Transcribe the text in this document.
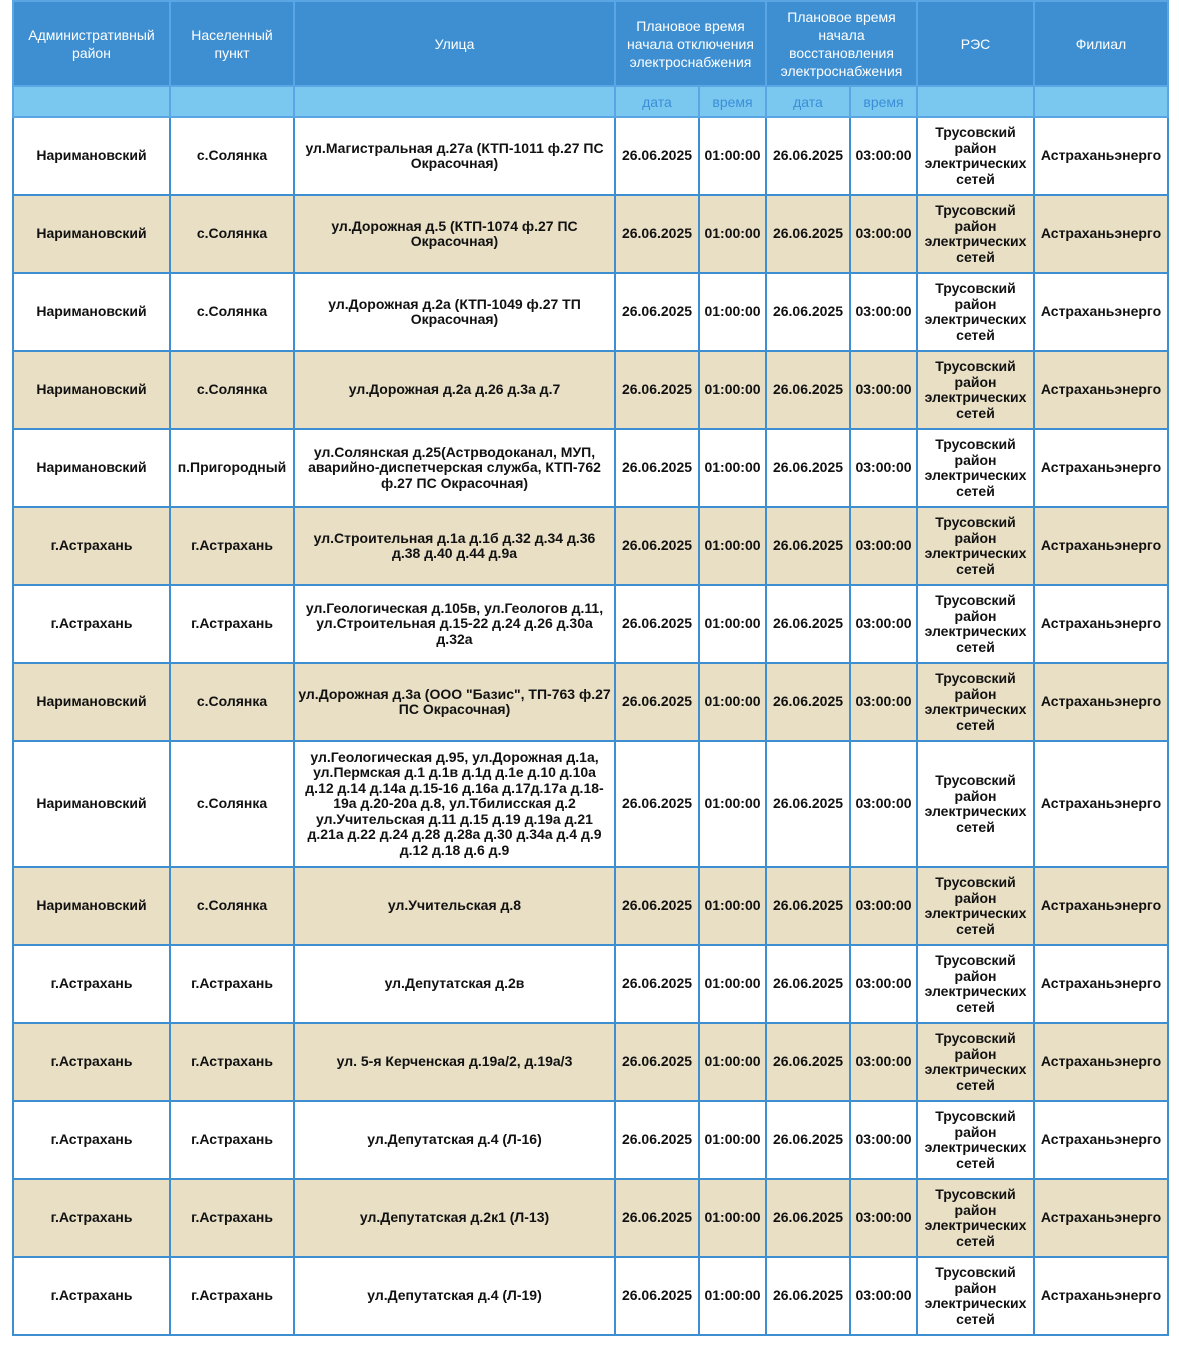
Административный район	Населенный пункт	Улица	Плановое время начала отключения электроснабжения		Плановое время начала восстановления электроснабжения		РЭС	Филиал
			дата	время	дата	время		
Наримановский	с.Солянка	ул.Магистральная д.27а (КТП-1011 ф.27 ПС Окрасочная)	26.06.2025	01:00:00	26.06.2025	03:00:00	Трусовский район электрических сетей	Астраханьэнерго
Наримановский	с.Солянка	ул.Дорожная д.5 (КТП-1074 ф.27 ПС Окрасочная)	26.06.2025	01:00:00	26.06.2025	03:00:00	Трусовский район электрических сетей	Астраханьэнерго
Наримановский	с.Солянка	ул.Дорожная д.2а (КТП-1049 ф.27 ТП Окрасочная)	26.06.2025	01:00:00	26.06.2025	03:00:00	Трусовский район электрических сетей	Астраханьэнерго
Наримановский	с.Солянка	ул.Дорожная д.2а д.26 д.3а д.7	26.06.2025	01:00:00	26.06.2025	03:00:00	Трусовский район электрических сетей	Астраханьэнерго
Наримановский	п.Пригородный	ул.Солянская д.25(Астрводоканал, МУП, аварийно-диспетчерская служба, КТП-762 ф.27 ПС Окрасочная)	26.06.2025	01:00:00	26.06.2025	03:00:00	Трусовский район электрических сетей	Астраханьэнерго
г.Астрахань	г.Астрахань	ул.Строительная д.1а д.1б д.32 д.34 д.36 д.38 д.40 д.44 д.9а	26.06.2025	01:00:00	26.06.2025	03:00:00	Трусовский район электрических сетей	Астраханьэнерго
г.Астрахань	г.Астрахань	ул.Геологическая д.105в, ул.Геологов д.11, ул.Строительная д.15-22 д.24 д.26 д.30а д.32а	26.06.2025	01:00:00	26.06.2025	03:00:00	Трусовский район электрических сетей	Астраханьэнерго
Наримановский	с.Солянка	ул.Дорожная д.3а (ООО "Базис", ТП-763 ф.27 ПС Окрасочная)	26.06.2025	01:00:00	26.06.2025	03:00:00	Трусовский район электрических сетей	Астраханьэнерго
Наримановский	с.Солянка	ул.Геологическая д.95, ул.Дорожная д.1а, ул.Пермская д.1 д.1в д.1д д.1е д.10 д.10а д.12 д.14 д.14а д.15-16 д.16а д.17д.17а д.18-19а д.20-20а д.8, ул.Тбилисская д.2 ул.Учительская д.11 д.15 д.19 д.19а д.21 д.21а д.22 д.24 д.28 д.28а д.30 д.34а д.4 д.9 д.12 д.18 д.6 д.9	26.06.2025	01:00:00	26.06.2025	03:00:00	Трусовский район электрических сетей	Астраханьэнерго
Наримановский	с.Солянка	ул.Учительская д.8	26.06.2025	01:00:00	26.06.2025	03:00:00	Трусовский район электрических сетей	Астраханьэнерго
г.Астрахань	г.Астрахань	ул.Депутатская д.2в	26.06.2025	01:00:00	26.06.2025	03:00:00	Трусовский район электрических сетей	Астраханьэнерго
г.Астрахань	г.Астрахань	ул. 5-я Керченская д.19а/2, д.19а/3	26.06.2025	01:00:00	26.06.2025	03:00:00	Трусовский район электрических сетей	Астраханьэнерго
г.Астрахань	г.Астрахань	ул.Депутатская д.4 (Л-16)	26.06.2025	01:00:00	26.06.2025	03:00:00	Трусовский район электрических сетей	Астраханьэнерго
г.Астрахань	г.Астрахань	ул.Депутатская д.2к1 (Л-13)	26.06.2025	01:00:00	26.06.2025	03:00:00	Трусовский район электрических сетей	Астраханьэнерго
г.Астрахань	г.Астрахань	ул.Депутатская д.4 (Л-19)	26.06.2025	01:00:00	26.06.2025	03:00:00	Трусовский район электрических сетей	Астраханьэнерго
